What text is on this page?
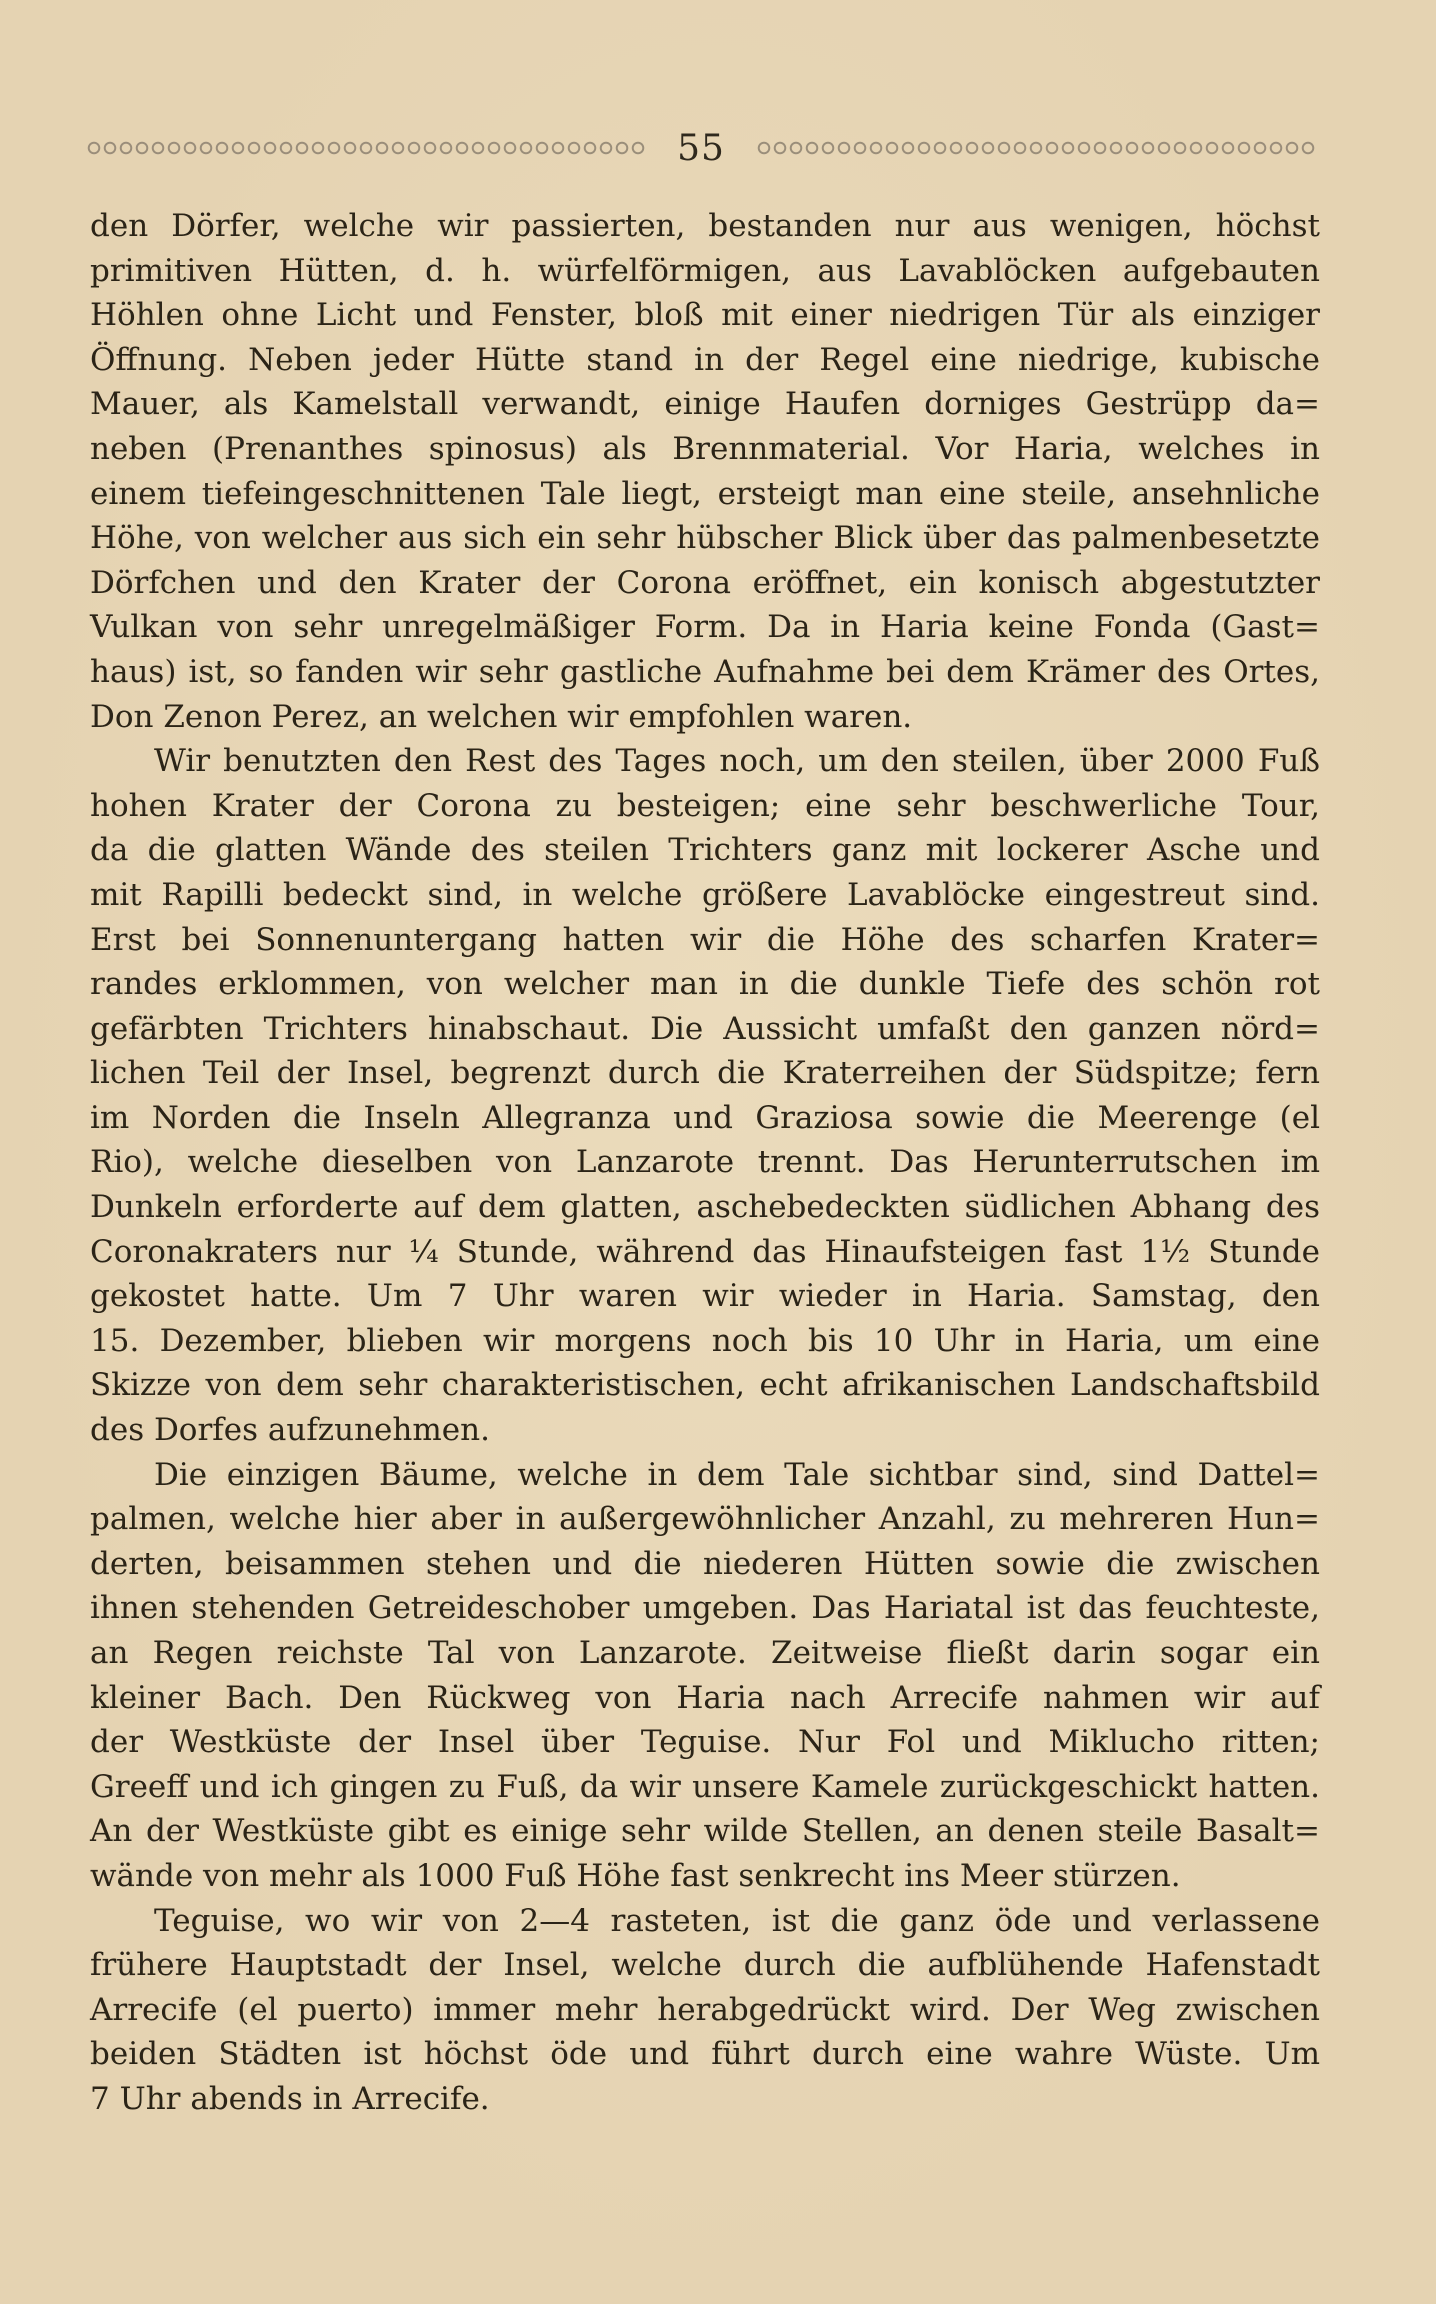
55
den Dörfer, welche wir passierten, bestanden nur aus wenigen, höchst
primitiven Hütten, d. h. würfelförmigen, aus Lavablöcken aufgebauten
Höhlen ohne Licht und Fenster, bloß mit einer niedrigen Tür als einziger
Öffnung. Neben jeder Hütte stand in der Regel eine niedrige, kubische
Mauer, als Kamelstall verwandt, einige Haufen dorniges Gestrüpp da=
neben (Prenanthes spinosus) als Brennmaterial. Vor Haria, welches in
einem tiefeingeschnittenen Tale liegt, ersteigt man eine steile, ansehnliche
Höhe, von welcher aus sich ein sehr hübscher Blick über das palmenbesetzte
Dörfchen und den Krater der Corona eröffnet, ein konisch abgestutzter
Vulkan von sehr unregelmäßiger Form. Da in Haria keine Fonda (Gast=
haus) ist, so fanden wir sehr gastliche Aufnahme bei dem Krämer des Ortes,
Don Zenon Perez, an welchen wir empfohlen waren.
Wir benutzten den Rest des Tages noch, um den steilen, über 2000 Fuß
hohen Krater der Corona zu besteigen; eine sehr beschwerliche Tour,
da die glatten Wände des steilen Trichters ganz mit lockerer Asche und
mit Rapilli bedeckt sind, in welche größere Lavablöcke eingestreut sind.
Erst bei Sonnenuntergang hatten wir die Höhe des scharfen Krater=
randes erklommen, von welcher man in die dunkle Tiefe des schön rot
gefärbten Trichters hinabschaut. Die Aussicht umfaßt den ganzen nörd=
lichen Teil der Insel, begrenzt durch die Kraterreihen der Südspitze; fern
im Norden die Inseln Allegranza und Graziosa sowie die Meerenge (el
Rio), welche dieselben von Lanzarote trennt. Das Herunterrutschen im
Dunkeln erforderte auf dem glatten, aschebedeckten südlichen Abhang des
Coronakraters nur ¼ Stunde, während das Hinaufsteigen fast 1½ Stunde
gekostet hatte. Um 7 Uhr waren wir wieder in Haria. Samstag, den
15. Dezember, blieben wir morgens noch bis 10 Uhr in Haria, um eine
Skizze von dem sehr charakteristischen, echt afrikanischen Landschaftsbild
des Dorfes aufzunehmen.
Die einzigen Bäume, welche in dem Tale sichtbar sind, sind Dattel=
palmen, welche hier aber in außergewöhnlicher Anzahl, zu mehreren Hun=
derten, beisammen stehen und die niederen Hütten sowie die zwischen
ihnen stehenden Getreideschober umgeben. Das Hariatal ist das feuchteste,
an Regen reichste Tal von Lanzarote. Zeitweise fließt darin sogar ein
kleiner Bach. Den Rückweg von Haria nach Arrecife nahmen wir auf
der Westküste der Insel über Teguise. Nur Fol und Miklucho ritten;
Greeff und ich gingen zu Fuß, da wir unsere Kamele zurückgeschickt hatten.
An der Westküste gibt es einige sehr wilde Stellen, an denen steile Basalt=
wände von mehr als 1000 Fuß Höhe fast senkrecht ins Meer stürzen.
Teguise, wo wir von 2—4 rasteten, ist die ganz öde und verlassene
frühere Hauptstadt der Insel, welche durch die aufblühende Hafenstadt
Arrecife (el puerto) immer mehr herabgedrückt wird. Der Weg zwischen
beiden Städten ist höchst öde und führt durch eine wahre Wüste. Um
7 Uhr abends in Arrecife.
